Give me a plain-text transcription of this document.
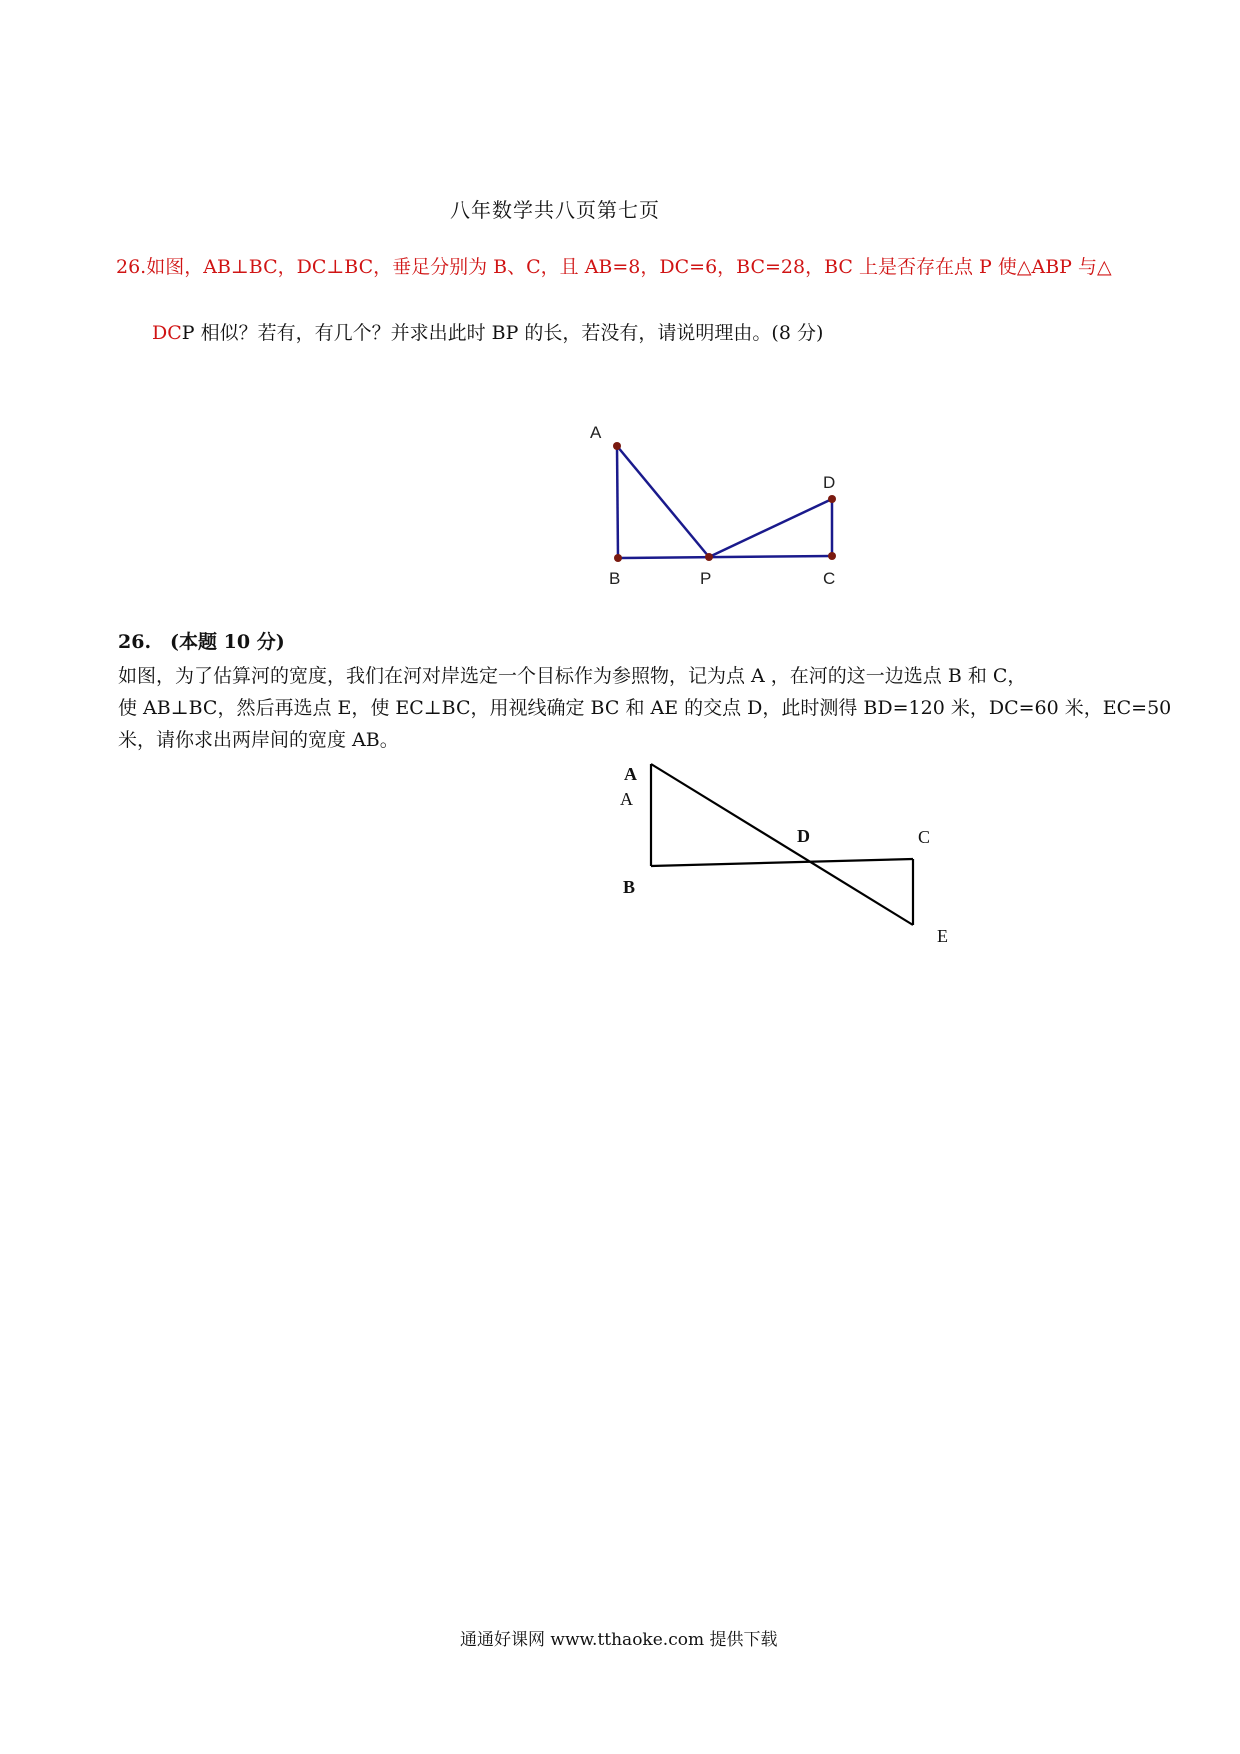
八年数学共八页第七页
26.如图，AB⊥BC，DC⊥BC，垂足分别为 B、C，且 AB=8，DC=6，BC=28，BC 上是否存在点 P 使△ABP 与△
DCP 相似？若有，有几个？并求出此时 BP 的长，若没有，请说明理由。(8 分)
A
B	P	C
D
26.　(本题 10 分)

如图，为了估算河的宽度，我们在河对岸选定一个目标作为参照物，记为点 A ，在河的这一边选点 B 和 C，

使 AB⊥BC，然后再选点 E，使 EC⊥BC，用视线确定 BC 和 AE 的交点 D，此时测得 BD=120 米，DC=60 米，EC=50

米，请你求出两岸间的宽度 AB。

A
A
B
D	C
E
通通好课网 www.tthaoke.com 提供下载
